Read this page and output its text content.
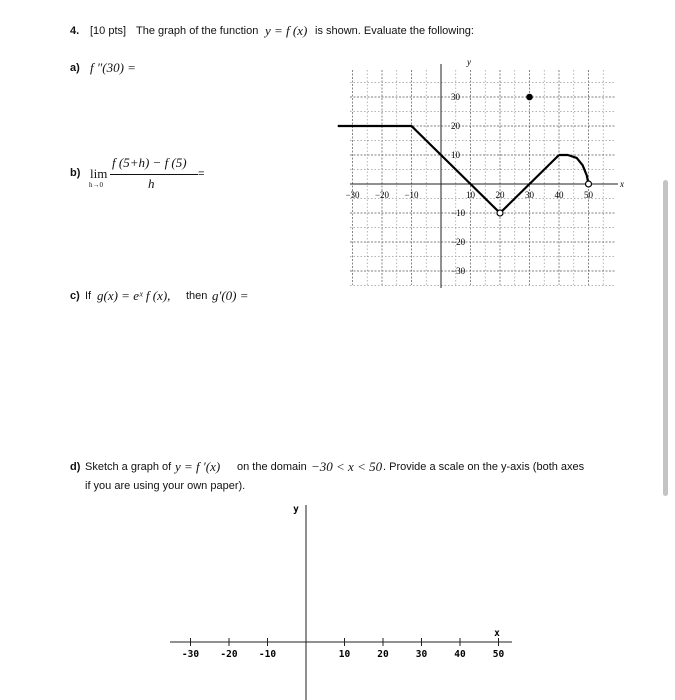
4. [10 pts] The graph of the function y = f (x) is shown. Evaluate the following:
a) f ″(30) =
b) lim
h→0
f (5+h) − f (5)
h
=
c) If g(x) = eˣ f (x), then g′(0) =
d) Sketch a graph of y = f ′(x) on the domain −30 < x < 50 . Provide a scale on the y-axis (both axes
if you are using your own paper).
x
y
−30 −20 −10	10 20 30 40 50
30
20
10
−10
−20
−30
-30 -20 -10	10	20	30	40	50
x
y
